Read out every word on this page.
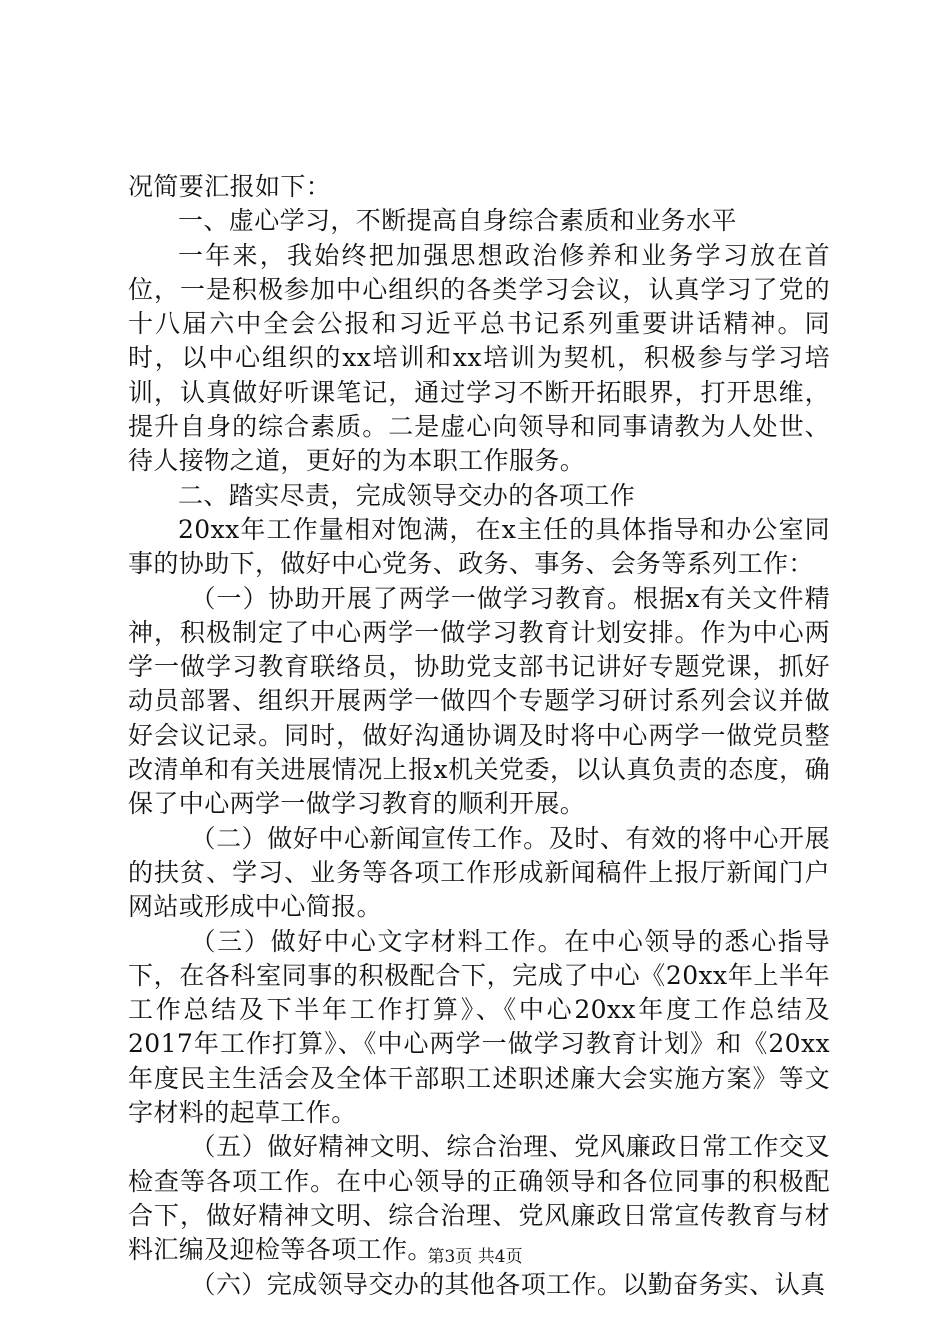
况简要汇报如下：

一、虚心学习，不断提高自身综合素质和业务水平

一年来，我始终把加强思想政治修养和业务学习放在首位，一是积极参加中心组织的各类学习会议，认真学习了党的十八届六中全会公报和习近平总书记系列重要讲话精神。同时，以中心组织的xx培训和xx培训为契机，积极参与学习培训，认真做好听课笔记，通过学习不断开拓眼界，打开思维，提升自身的综合素质。二是虚心向领导和同事请教为人处世、待人接物之道，更好的为本职工作服务。

二、踏实尽责，完成领导交办的各项工作

20xx年工作量相对饱满，在x主任的具体指导和办公室同事的协助下，做好中心党务、政务、事务、会务等系列工作：

（一）协助开展了两学一做学习教育。根据x有关文件精神，积极制定了中心两学一做学习教育计划安排。作为中心两学一做学习教育联络员，协助党支部书记讲好专题党课，抓好动员部署、组织开展两学一做四个专题学习研讨系列会议并做好会议记录。同时，做好沟通协调及时将中心两学一做党员整改清单和有关进展情况上报x机关党委，以认真负责的态度，确保了中心两学一做学习教育的顺利开展。

（二）做好中心新闻宣传工作。及时、有效的将中心开展的扶贫、学习、业务等各项工作形成新闻稿件上报厅新闻门户网站或形成中心简报。

（三）做好中心文字材料工作。在中心领导的悉心指导下，在各科室同事的积极配合下，完成了中心《20xx年上半年工作总结及下半年工作打算》、《中心20xx年度工作总结及2017年工作打算》、《中心两学一做学习教育计划》和《20xx年度民主生活会及全体干部职工述职述廉大会实施方案》等文字材料的起草工作。

（五）做好精神文明、综合治理、党风廉政日常工作交叉检查等各项工作。在中心领导的正确领导和各位同事的积极配合下，做好精神文明、综合治理、党风廉政日常宣传教育与材料汇编及迎检等各项工作。

（六）完成领导交办的其他各项工作。以勤奋务实、认真

第3页 共4页
